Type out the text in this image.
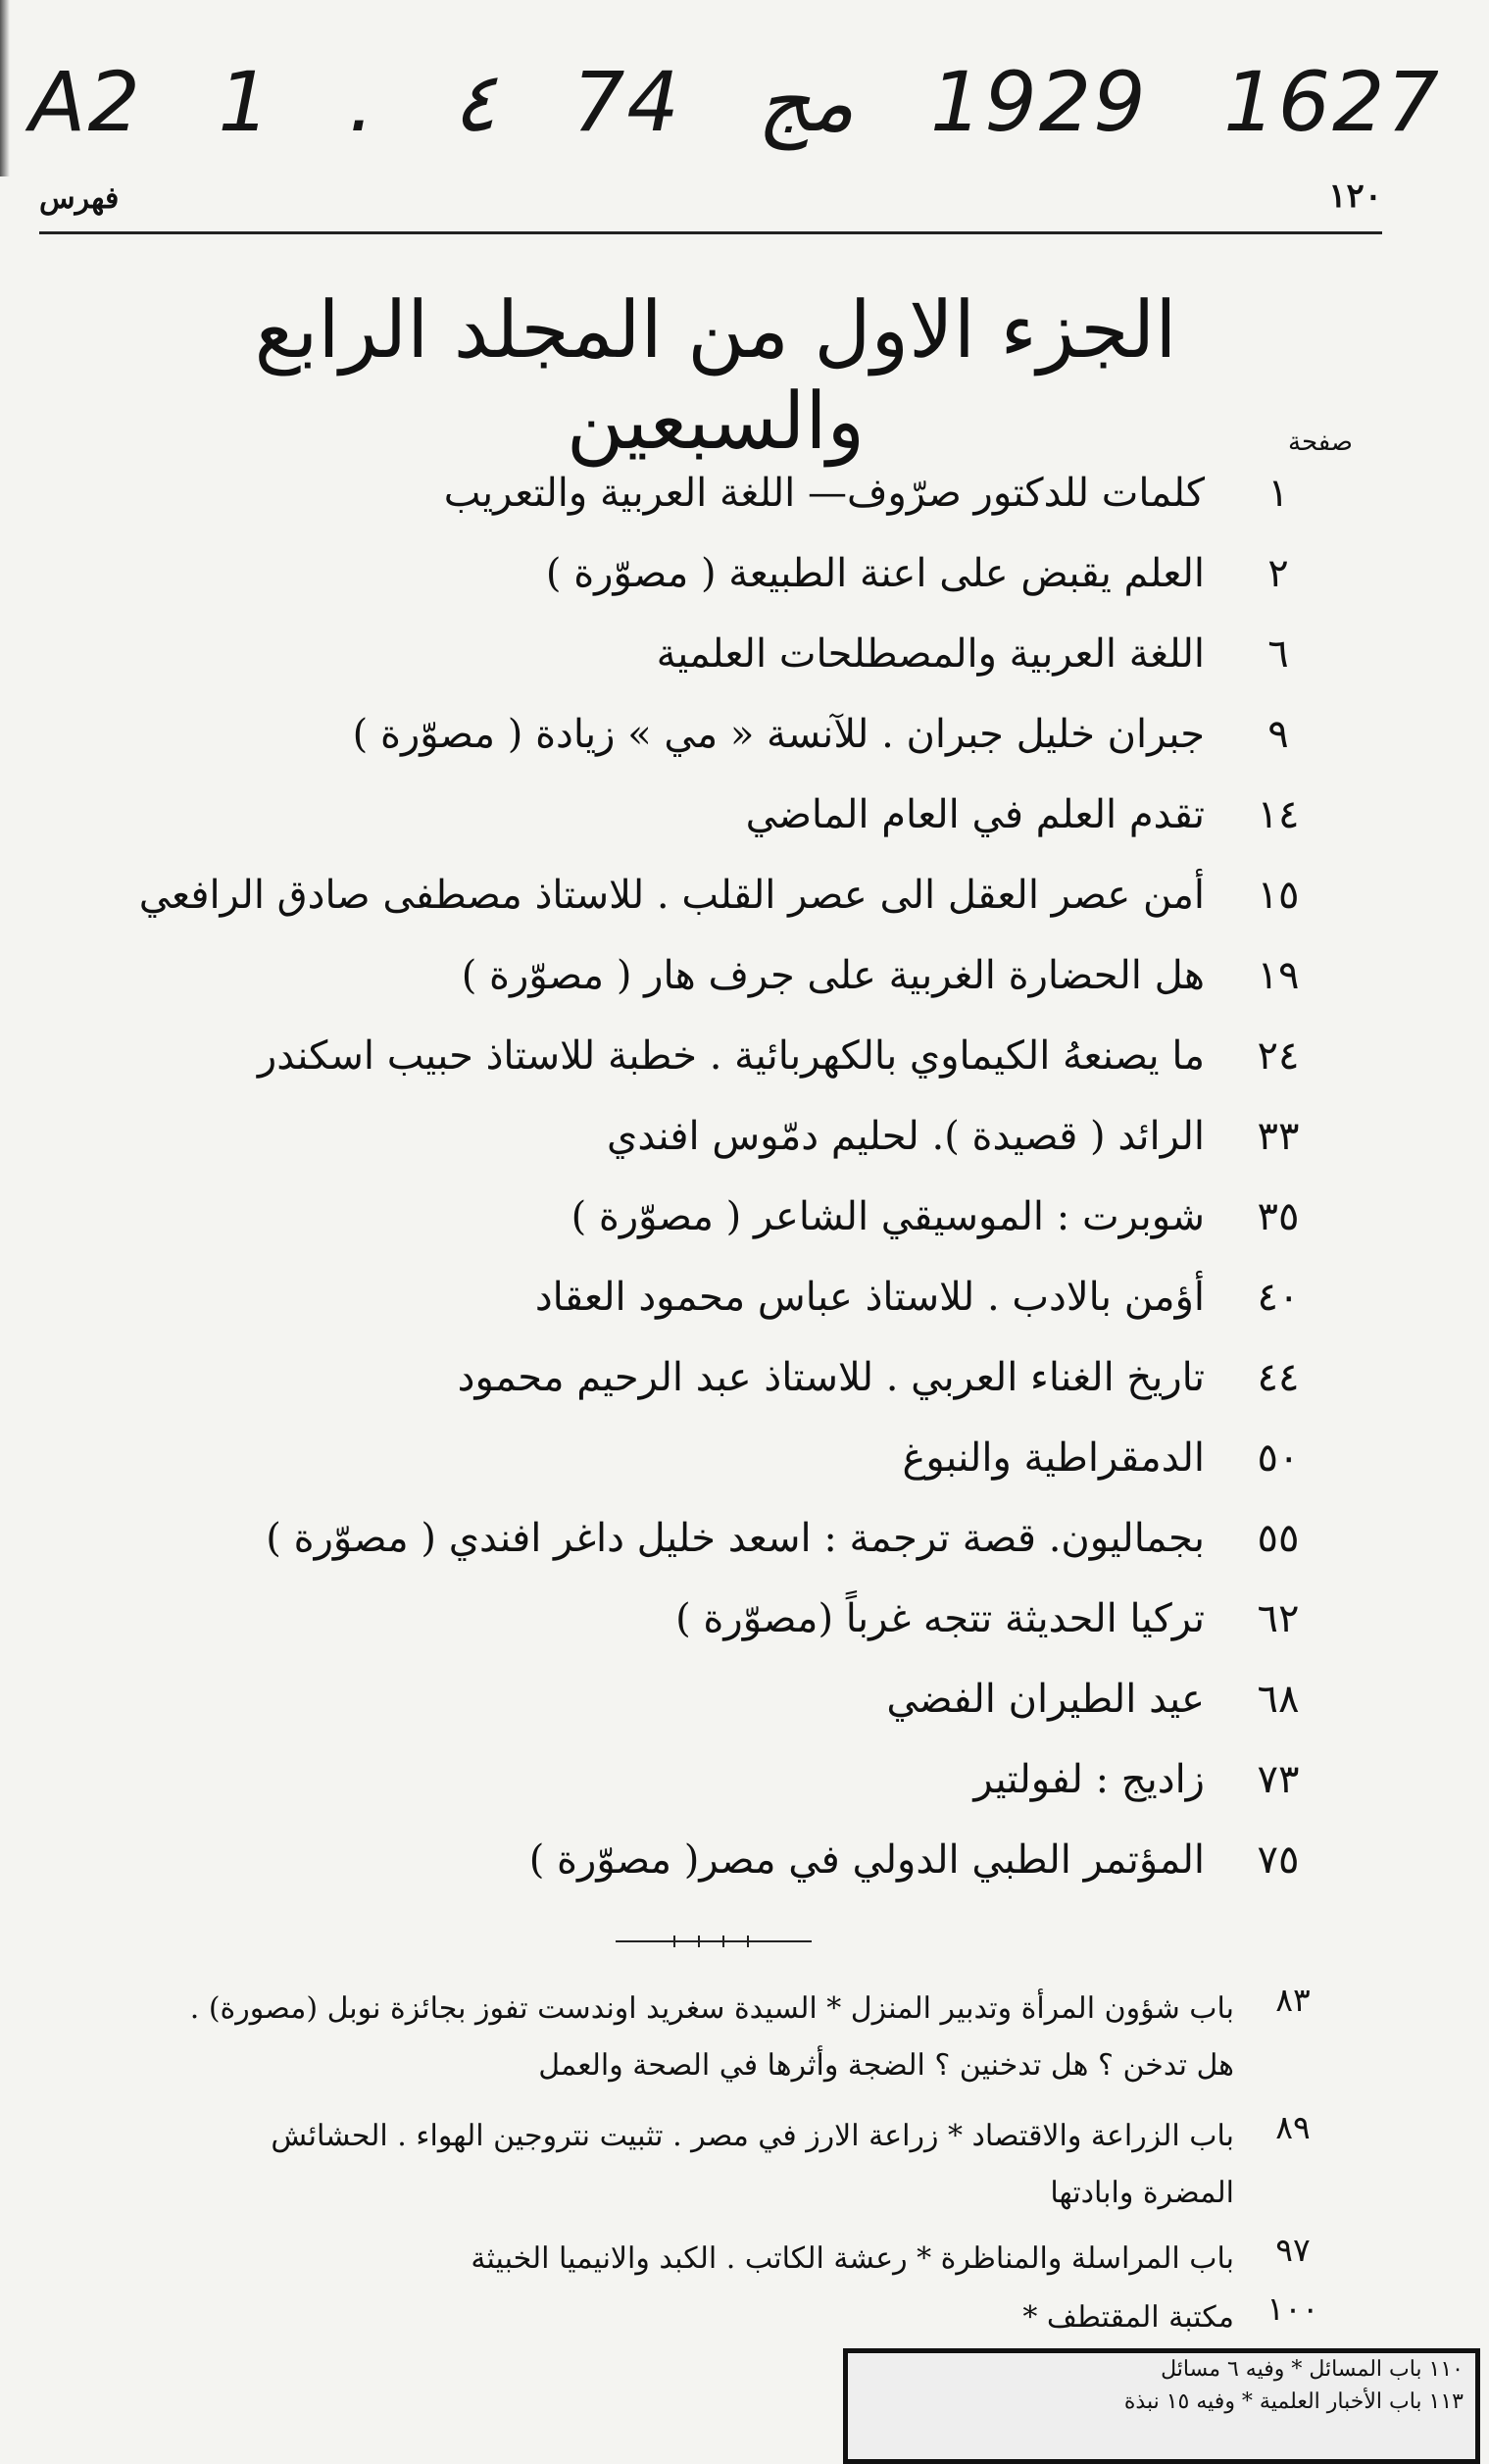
A2 1 . ٤ 74 مج 1929 1627
فهرس	١٢٠
الجزء الاول من المجلد الرابع والسبعين	صفحة
١
كلمات للدكتور صرّوف— اللغة العربية والتعريب
٢
العلم يقبض على اعنة الطبيعة ( مصوّرة )
٦
اللغة العربية والمصطلحات العلمية
٩
جبران خليل جبران . للآنسة « مي » زيادة ( مصوّرة )
١٤
تقدم العلم في العام الماضي
١٥
أمن عصر العقل الى عصر القلب . للاستاذ مصطفى صادق الرافعي
١٩
هل الحضارة الغربية على جرف هار ( مصوّرة )
٢٤
ما يصنعهُ الكيماوي بالكهربائية . خطبة للاستاذ حبيب اسكندر
٣٣
الرائد ( قصيدة ). لحليم دمّوس افندي
٣٥
شوبرت : الموسيقي الشاعر ( مصوّرة )
٤٠
أؤمن بالادب . للاستاذ عباس محمود العقاد
٤٤
تاريخ الغناء العربي . للاستاذ عبد الرحيم محمود
٥٠
الدمقراطية والنبوغ
٥٥
بجماليون. قصة ترجمة : اسعد خليل داغر افندي ( مصوّرة )
٦٢
تركيا الحديثة تتجه غرباً (مصوّرة )
٦٨
عيد الطيران الفضي
٧٣
زاديج : لفولتير
٧٥
المؤتمر الطبي الدولي في مصر( مصوّرة )
٨٣
باب شؤون المرأة وتدبير المنزل * السيدة سغريد اوندست تفوز بجائزة نوبل (مصورة) .
هل تدخن ؟ هل تدخنين ؟ الضجة وأثرها في الصحة والعمل
٨٩
باب الزراعة والاقتصاد * زراعة الارز في مصر . تثبيت نتروجين الهواء . الحشائش
المضرة وابادتها
٩٧
باب المراسلة والمناظرة * رعشة الكاتب . الكبد والانيميا الخبيثة
١٠٠
مكتبة المقتطف *
١١٠ باب المسائل * وفيه ٦ مسائل
١١٣ باب الأخبار العلمية * وفيه ١٥ نبذة
